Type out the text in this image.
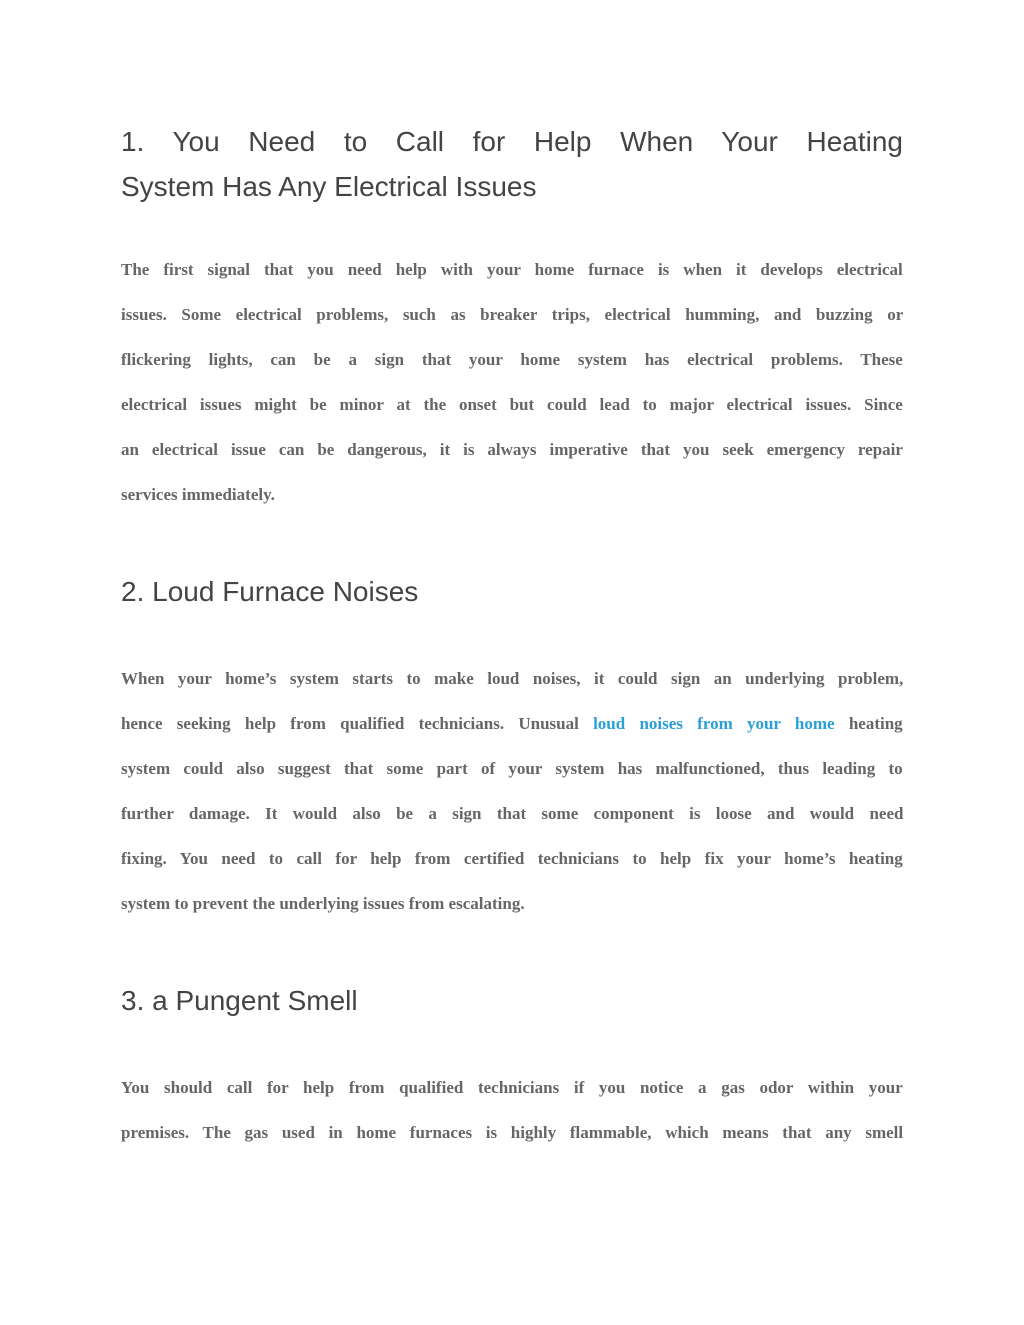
1. You Need to Call for Help When Your Heating
System Has Any Electrical Issues
The first signal that you need help with your home furnace is when it develops electrical
issues. Some electrical problems, such as breaker trips, electrical humming, and buzzing or
flickering lights, can be a sign that your home system has electrical problems. These
electrical issues might be minor at the onset but could lead to major electrical issues. Since
an electrical issue can be dangerous, it is always imperative that you seek emergency repair
services immediately.
2. Loud Furnace Noises
When your home’s system starts to make loud noises, it could sign an underlying problem,
hence seeking help from qualified technicians. Unusual loud noises from your home heating
system could also suggest that some part of your system has malfunctioned, thus leading to
further damage. It would also be a sign that some component is loose and would need
fixing. You need to call for help from certified technicians to help fix your home’s heating
system to prevent the underlying issues from escalating.
3. a Pungent Smell
You should call for help from qualified technicians if you notice a gas odor within your
premises. The gas used in home furnaces is highly flammable, which means that any smell
